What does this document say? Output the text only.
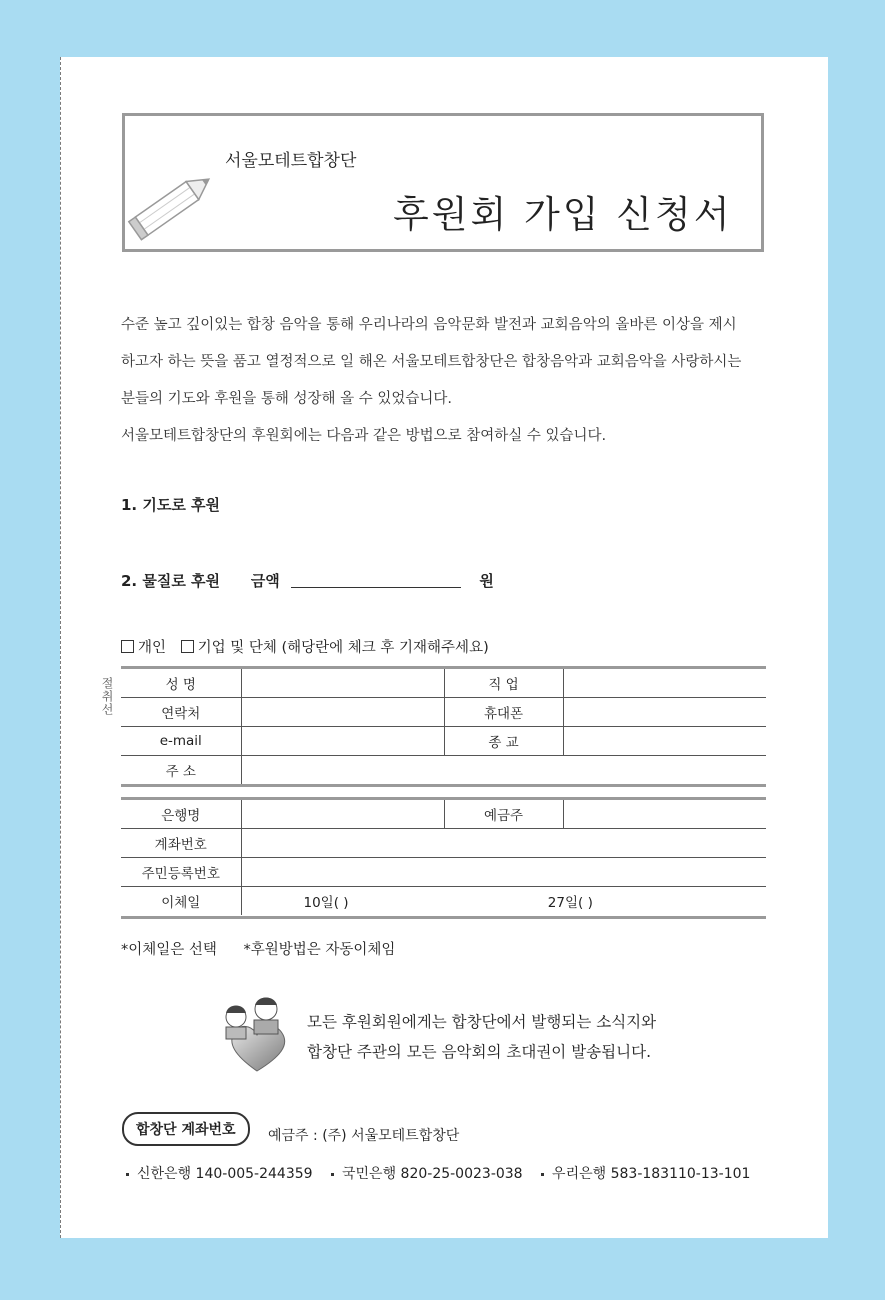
절취선
서울모테트합창단
후원회 가입 신청서

수준 높고 깊이있는 합창 음악을 통해 우리나라의 음악문화 발전과 교회음악의 올바른 이상을 제시

하고자 하는 뜻을 품고 열정적으로 일 해온 서울모테트합창단은 합창음악과 교회음악을 사랑하시는

분들의 기도와 후원을 통해 성장해 올 수 있었습니다.

서울모테트합창단의 후원회에는 다음과 같은 방법으로 참여하실 수 있습니다.

1. 기도로 후원
2. 물질로 후원 금액	원
개인 기업 및 단체 (해당란에 체크 후 기재해주세요)
성 명		직 업	
연락처		휴대폰	
e-mail		종 교	
주 소			
은행명		예금주	
계좌번호			
주민등록번호			
이체일	10일( ) 27일( )		
*이체일은 선택 *후원방법은 자동이체임
모든 후원회원에게는 합창단에서 발행되는 소식지와
합창단 주관의 모든 음악회의 초대권이 발송됩니다.
합창단 계좌번호	예금주 : (주) 서울모테트합창단
신한은행 140-005-244359 국민은행 820-25-0023-038 우리은행 583-183110-13-101
